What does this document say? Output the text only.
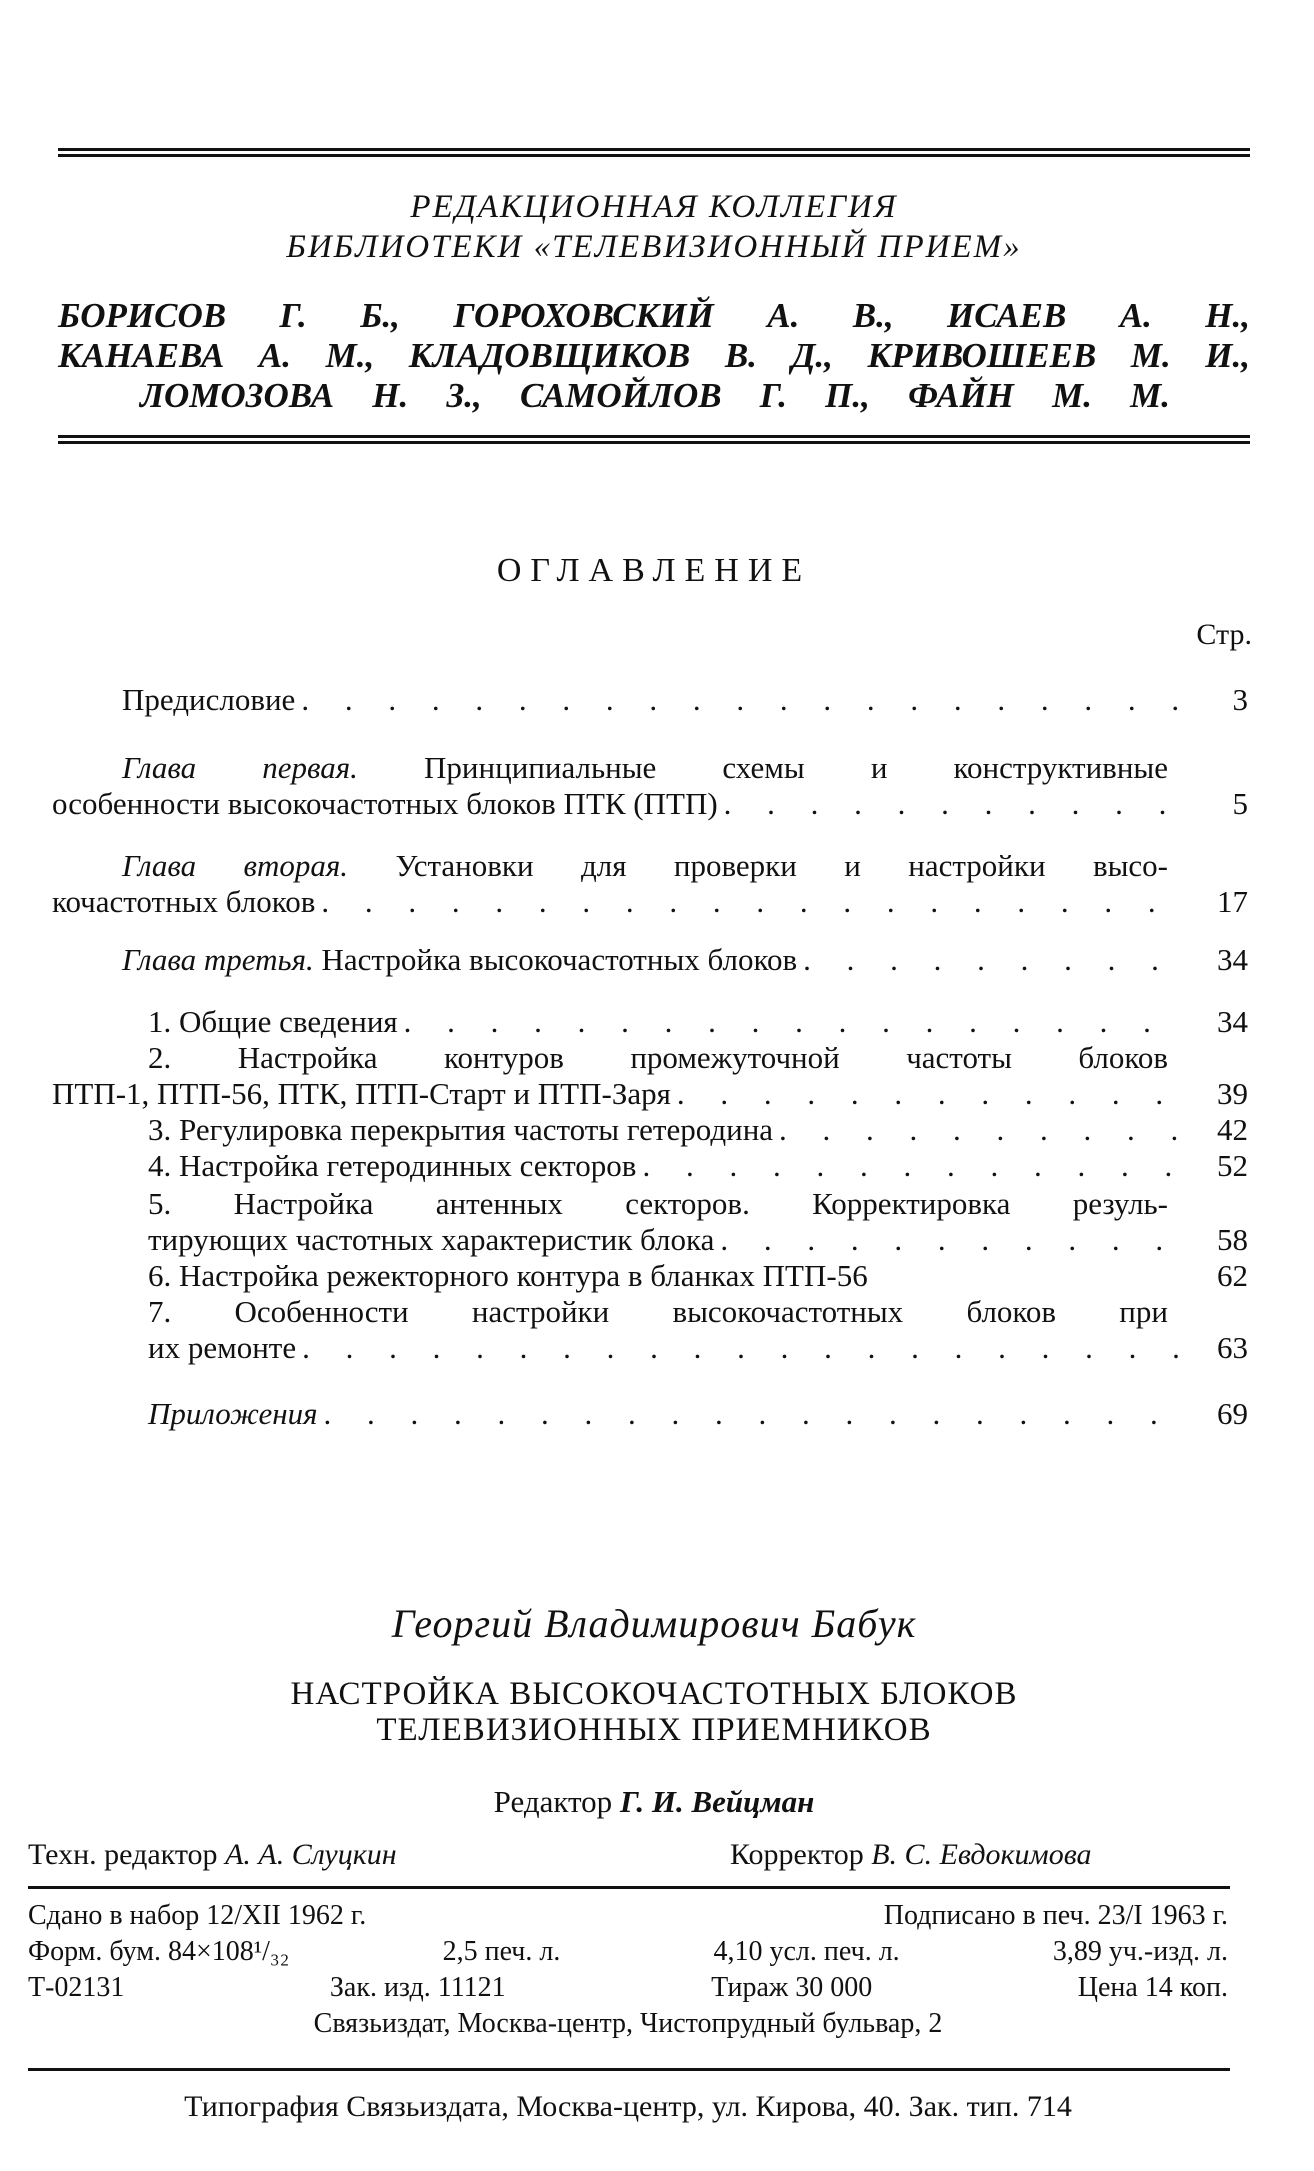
РЕДАКЦИОННАЯ КОЛЛЕГИЯ
БИБЛИОТЕКИ «ТЕЛЕВИЗИОННЫЙ ПРИЕМ»
БОРИСОВ Г. Б., ГОРОХОВСКИЙ А. В., ИСАЕВ А. Н.,
КАНАЕВА А. М., КЛАДОВЩИКОВ В. Д., КРИВОШЕЕВ М. И.,
ЛОМОЗОВА Н. З., САМОЙЛОВ Г. П., ФАЙН М. М.
ОГЛАВЛЕНИЕ
Стр.
Предисловие . . .	3
Глава первая. Принципиальные схемы и конструктивные
особенности высокочастотных блоков ПТК (ПТП) . . .	5
Глава вторая. Установки для проверки и настройки высо-
кочастотных блоков . . .	17
Глава третья. Настройка высокочастотных блоков . . .	34
1. Общие сведения . . .	34
2. Настройка контуров промежуточной частоты блоков
ПТП-1, ПТП-56, ПТК, ПТП-Старт и ПТП-Заря . . .	39
3. Регулировка перекрытия частоты гетеродина . . .	42
4. Настройка гетеродинных секторов . . .	52
5. Настройка антенных секторов. Корректировка резуль-
тирующих частотных характеристик блока . . .	58
6. Настройка режекторного контура в бланках ПТП-56	62
7. Особенности настройки высокочастотных блоков при
их ремонте . . .	63
Приложения . . .	69
Георгий Владимирович Бабук
НАСТРОЙКА ВЫСОКОЧАСТОТНЫХ БЛОКОВ
ТЕЛЕВИЗИОННЫХ ПРИЕМНИКОВ
Редактор Г. И. Вейцман
Техн. редактор А. А. Слуцкин	Корректор В. С. Евдокимова
Сдано в набор 12/XII 1962 г.	Подписано в печ. 23/I 1963 г.
Форм. бум. 84×108¹/₃₂	2,5 печ. л.	4,10 усл. печ. л.	3,89 уч.-изд. л.
Т-02131	Зак. изд. 11121	Тираж 30 000	Цена 14 коп.
Связьиздат, Москва-центр, Чистопрудный бульвар, 2
Типография Связьиздата, Москва-центр, ул. Кирова, 40. Зак. тип. 714
